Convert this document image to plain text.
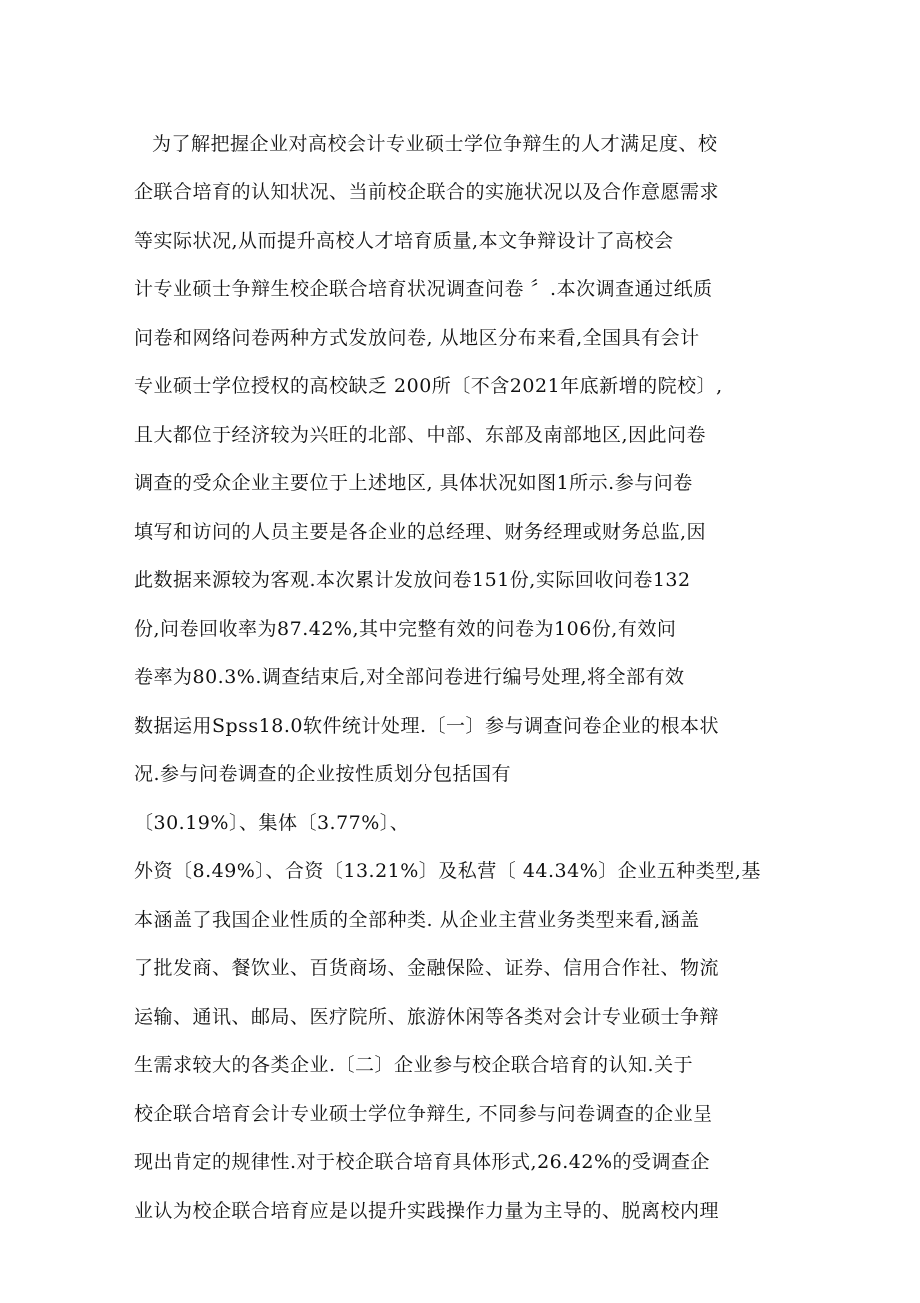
为了解把握企业对高校会计专业硕士学位争辩生的人才满足度、校
企联合培育的认知状况、当前校企联合的实施状况以及合作意愿需求
等实际状况,从而提升高校人才培育质量,本文争辩设计了高校会
计专业硕士争辩生校企联合培育状况调查问卷 〞.本次调查通过纸质
问卷和网络问卷两种方式发放问卷, 从地区分布来看,全国具有会计
专业硕士学位授权的高校缺乏 200所〔不含2021年底新增的院校〕,
且大都位于经济较为兴旺的北部、中部、东部及南部地区,因此问卷
调查的受众企业主要位于上述地区, 具体状况如图1所示.参与问卷
填写和访问的人员主要是各企业的总经理、财务经理或财务总监,因
此数据来源较为客观.本次累计发放问卷151份,实际回收问卷132
份,问卷回收率为87.42%,其中完整有效的问卷为106份,有效问
卷率为80.3%.调查结束后,对全部问卷进行编号处理,将全部有效
数据运用Spss18.0软件统计处理.〔一〕参与调查问卷企业的根本状
况.参与问卷调查的企业按性质划分包括国有
〔30.19%〕、集体〔3.77%〕、
外资〔8.49%〕、合资〔13.21%〕及私营〔 44.34%〕企业五种类型,基
本涵盖了我国企业性质的全部种类. 从企业主营业务类型来看,涵盖
了批发商、餐饮业、百货商场、金融保险、证券、信用合作社、物流
运输、通讯、邮局、医疗院所、旅游休闲等各类对会计专业硕士争辩
生需求较大的各类企业.〔二〕企业参与校企联合培育的认知.关于
校企联合培育会计专业硕士学位争辩生, 不同参与问卷调查的企业呈
现出肯定的规律性.对于校企联合培育具体形式,26.42%的受调查企
业认为校企联合培育应是以提升实践操作力量为主导的、脱离校内理
